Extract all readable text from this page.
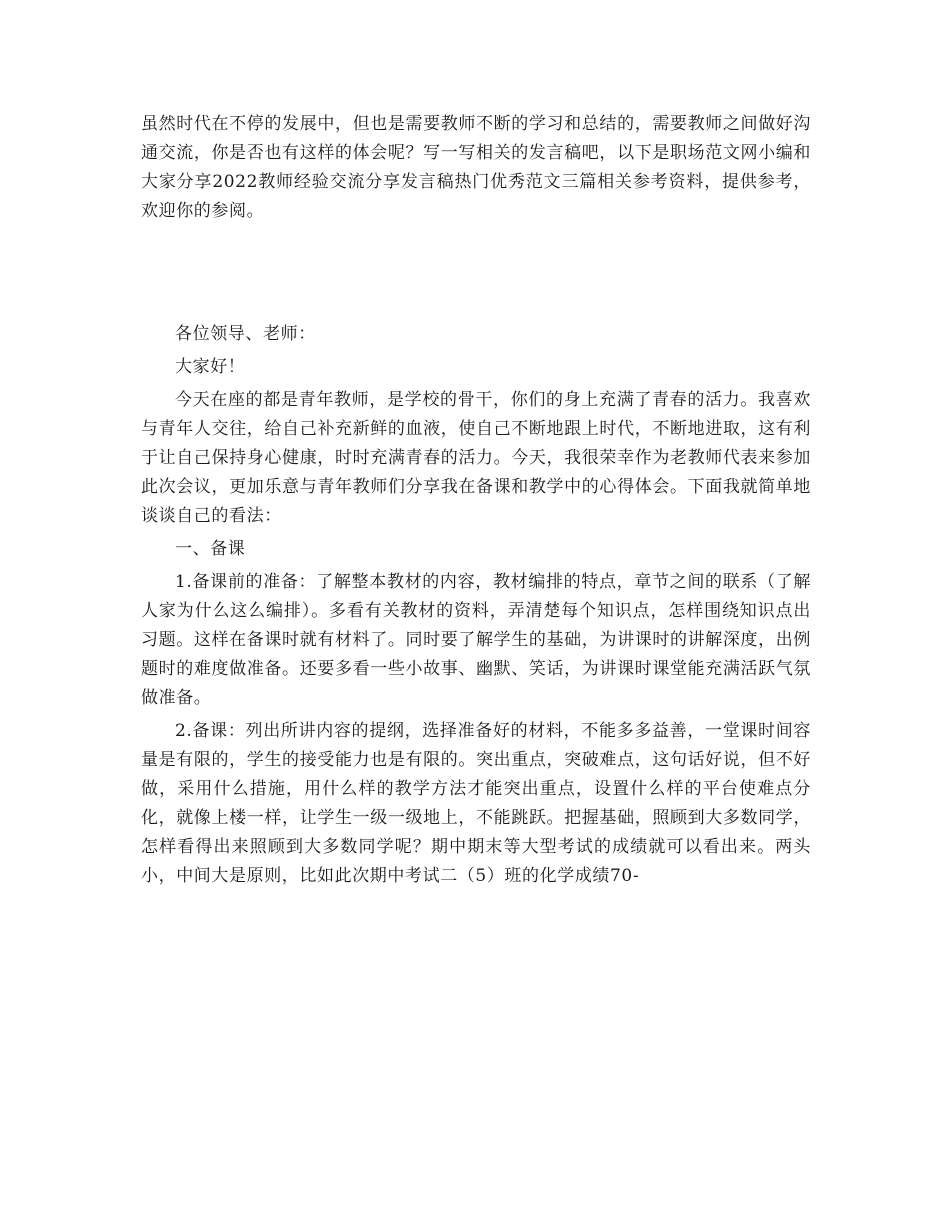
虽然时代在不停的发展中，但也是需要教师不断的学习和总结的，需要教师之间做好沟通交流，你是否也有这样的体会呢？写一写相关的发言稿吧，以下是职场范文网小编和大家分享2022教师经验交流分享发言稿热门优秀范文三篇相关参考资料，提供参考，欢迎你的参阅。

各位领导、老师：

大家好！

今天在座的都是青年教师，是学校的骨干，你们的身上充满了青春的活力。我喜欢与青年人交往，给自己补充新鲜的血液，使自己不断地跟上时代，不断地进取，这有利于让自己保持身心健康，时时充满青春的活力。今天，我很荣幸作为老教师代表来参加此次会议，更加乐意与青年教师们分享我在备课和教学中的心得体会。下面我就简单地谈谈自己的看法：

一、备课

1.备课前的准备：了解整本教材的内容，教材编排的特点，章节之间的联系（了解人家为什么这么编排）。多看有关教材的资料，弄清楚每个知识点，怎样围绕知识点出习题。这样在备课时就有材料了。同时要了解学生的基础，为讲课时的讲解深度，出例题时的难度做准备。还要多看一些小故事、幽默、笑话，为讲课时课堂能充满活跃气氛做准备。

2.备课：列出所讲内容的提纲，选择准备好的材料，不能多多益善，一堂课时间容量是有限的，学生的接受能力也是有限的。突出重点，突破难点，这句话好说，但不好做，采用什么措施，用什么样的教学方法才能突出重点，设置什么样的平台使难点分化，就像上楼一样，让学生一级一级地上，不能跳跃。把握基础，照顾到大多数同学，怎样看得出来照顾到大多数同学呢？期中期末等大型考试的成绩就可以看出来。两头小，中间大是原则，比如此次期中考试二（5）班的化学成绩70-
